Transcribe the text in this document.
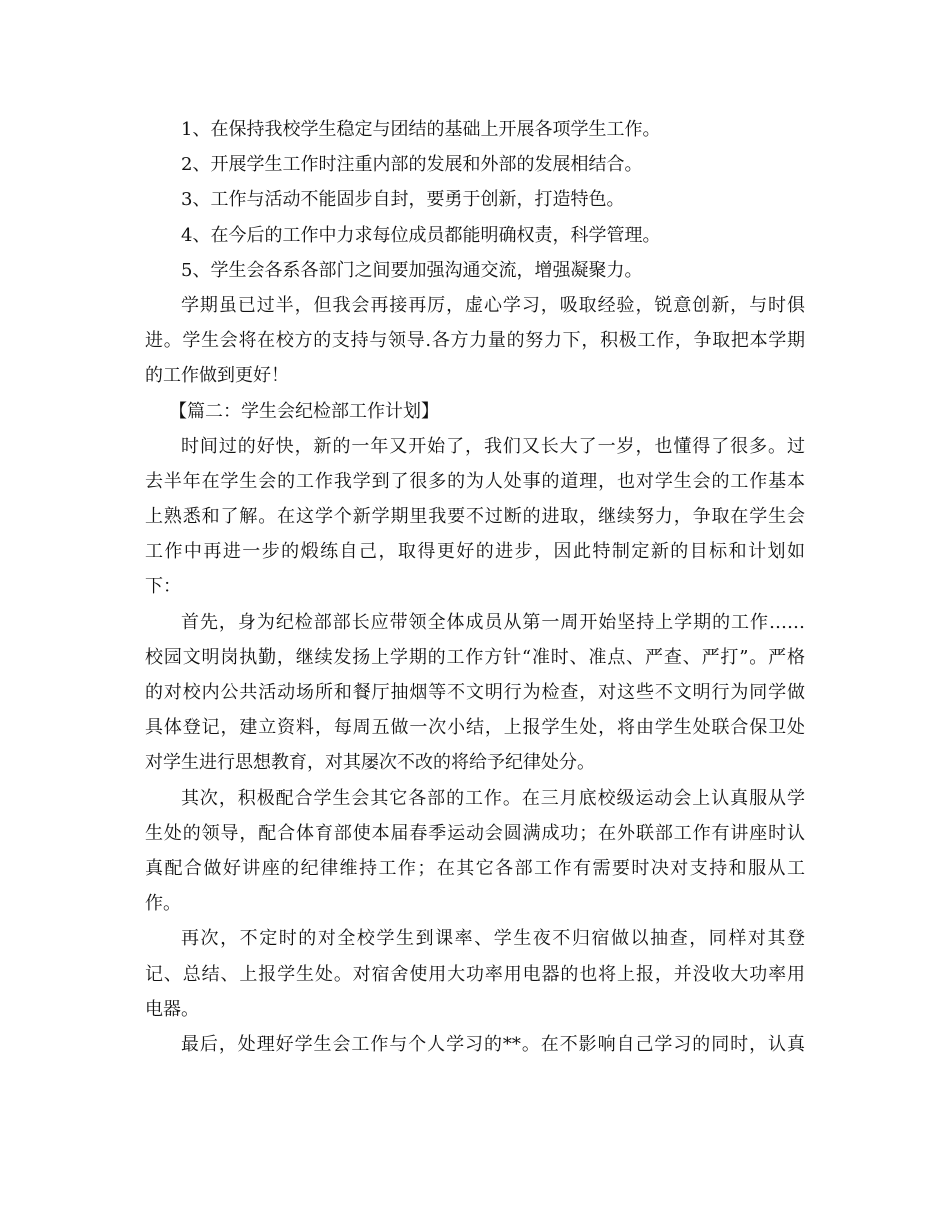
1、在保持我校学生稳定与团结的基础上开展各项学生工作。
2、开展学生工作时注重内部的发展和外部的发展相结合。
3、工作与活动不能固步自封，要勇于创新，打造特色。
4、在今后的工作中力求每位成员都能明确权责，科学管理。
5、学生会各系各部门之间要加强沟通交流，增强凝聚力。
学期虽已过半，但我会再接再厉，虚心学习，吸取经验，锐意创新，与时俱
进。学生会将在校方的支持与领导.各方力量的努力下，积极工作，争取把本学期
的工作做到更好！
【篇二：学生会纪检部工作计划】
时间过的好快，新的一年又开始了，我们又长大了一岁，也懂得了很多。过
去半年在学生会的工作我学到了很多的为人处事的道理，也对学生会的工作基本
上熟悉和了解。在这学个新学期里我要不过断的进取，继续努力，争取在学生会
工作中再进一步的煅练自己，取得更好的进步，因此特制定新的目标和计划如
下：
首先，身为纪检部部长应带领全体成员从第一周开始坚持上学期的工作……
校园文明岗执勤，继续发扬上学期的工作方针“准时、准点、严查、严打”。严格
的对校内公共活动场所和餐厅抽烟等不文明行为检查，对这些不文明行为同学做
具体登记，建立资料，每周五做一次小结，上报学生处，将由学生处联合保卫处
对学生进行思想教育，对其屡次不改的将给予纪律处分。
其次，积极配合学生会其它各部的工作。在三月底校级运动会上认真服从学
生处的领导，配合体育部使本届春季运动会圆满成功；在外联部工作有讲座时认
真配合做好讲座的纪律维持工作；在其它各部工作有需要时决对支持和服从工
作。
再次，不定时的对全校学生到课率、学生夜不归宿做以抽查，同样对其登
记、总结、上报学生处。对宿舍使用大功率用电器的也将上报，并没收大功率用
电器。
最后，处理好学生会工作与个人学习的**。在不影响自己学习的同时，认真
